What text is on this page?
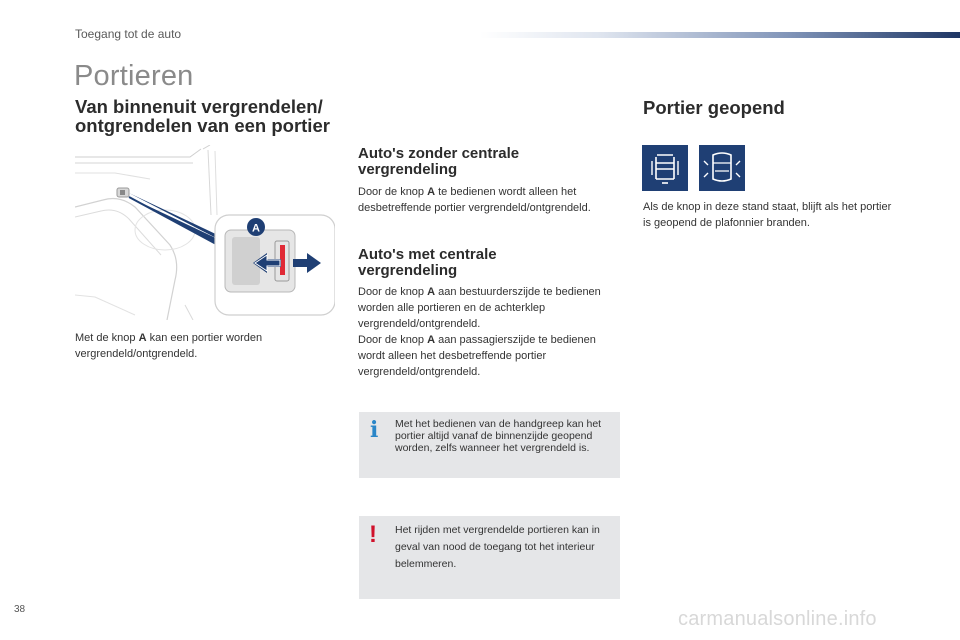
Toegang tot de auto
Portieren
Van binnenuit vergrendelen/
ontgrendelen van een portier
A
Met de knop A kan een portier worden vergrendeld/ontgrendeld.
Auto's zonder centrale
vergrendeling
Door de knop A te bedienen wordt alleen het desbetreffende portier vergrendeld/ontgrendeld.
Auto's met centrale
vergrendeling
Door de knop A aan bestuurderszijde te bedienen worden alle portieren en de achterklep vergrendeld/ontgrendeld.
Door de knop A aan passagierszijde te bedienen wordt alleen het desbetreffende portier vergrendeld/ontgrendeld.
i Met het bedienen van de handgreep kan het portier altijd vanaf de binnenzijde geopend worden, zelfs wanneer het vergrendeld is.
! Het rijden met vergrendelde portieren kan in geval van nood de toegang tot het interieur belemmeren.
Portier geopend
Als de knop in deze stand staat, blijft als het portier is geopend de plafonnier branden.
38	carmanualsonline.info
